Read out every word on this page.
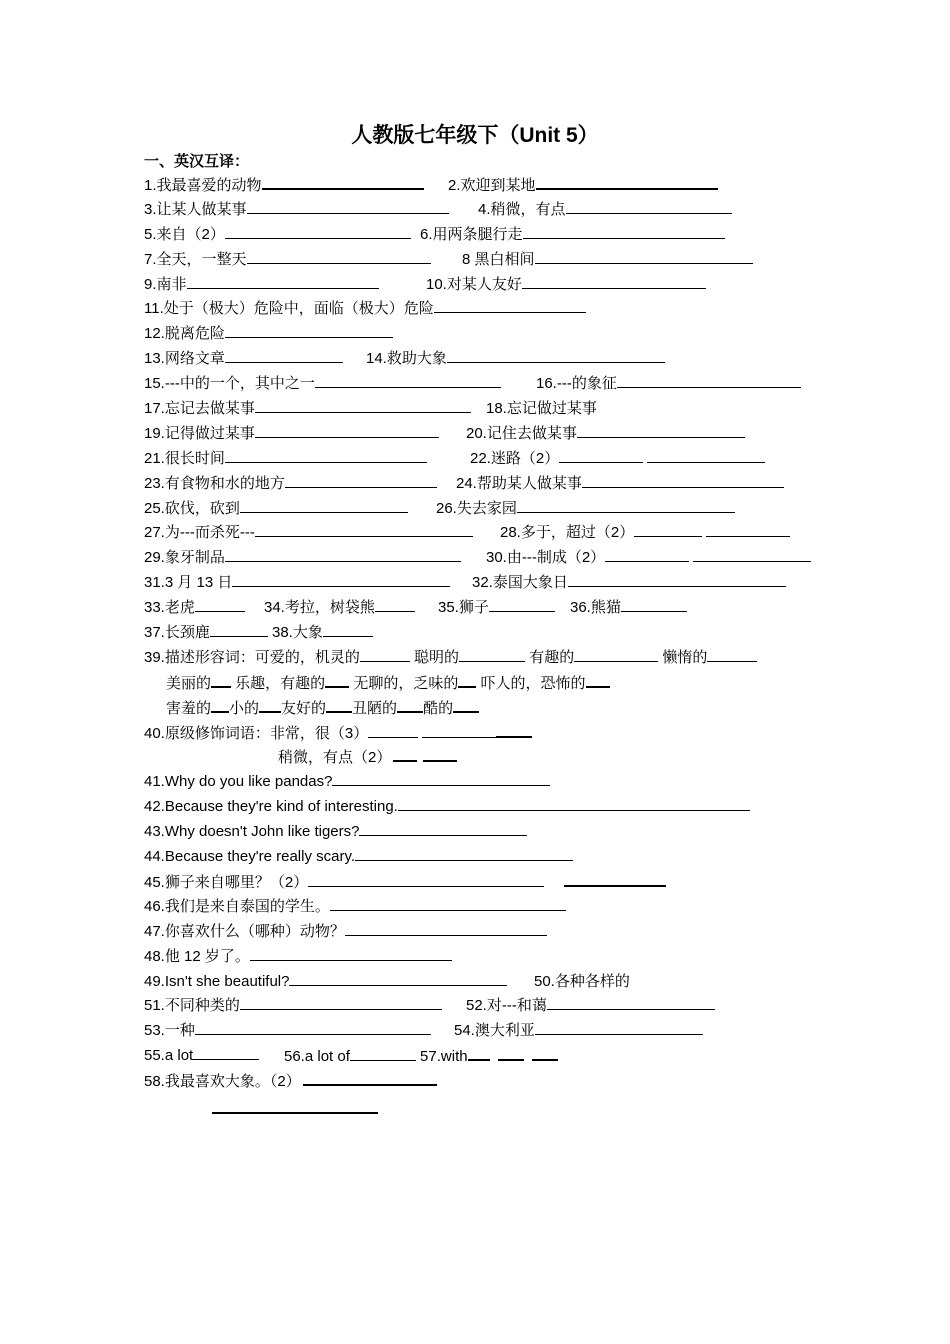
人教版七年级下（Unit 5）
一、英汉互译：
1.我最喜爱的动物	2.欢迎到某地
3.让某人做某事	4.稍微，有点
5.来自（2）	6.用两条腿行走
7.全天，一整天	8 黑白相间
9.南非	10.对某人友好
11.处于（极大）危险中，面临（极大）危险
12.脱离危险
13.网络文章	14.救助大象
15.---中的一个，其中之一	16.---的象征
17.忘记去做某事	18.忘记做过某事
19.记得做过某事	20.记住去做某事
21.很长时间	22.迷路（2）
23.有食物和水的地方	24.帮助某人做某事
25.砍伐，砍到	26.失去家园
27.为---而杀死---	28.多于，超过（2）
29.象牙制品	30.由---制成（2）
31.3 月 13 日	32.泰国大象日
33.老虎	34.考拉，树袋熊	35.狮子	36.熊猫
37.长颈鹿	38.大象
39.描述形容词：可爱的，机灵的	聪明的	有趣的	懒惰的
美丽的 乐趣，有趣的 无聊的，乏味的 吓人的，恐怖的
害羞的 小的 友好的 丑陋的 酷的
40.原级修饰词语：非常，很（3）
稍微，有点（2）
41.Why do you like pandas?
42.Because they're kind of interesting.
43.Why doesn't John like tigers?
44.Because they're really scary.
45.狮子来自哪里？（2）
46.我们是来自泰国的学生。
47.你喜欢什么（哪种）动物？
48.他 12 岁了。
49.Isn't she beautiful?	50.各种各样的
51.不同种类的	52.对---和蔼
53.一种	54.澳大利亚
55.a lot	56.a lot of	57.with
58.我最喜欢大象。（2）
